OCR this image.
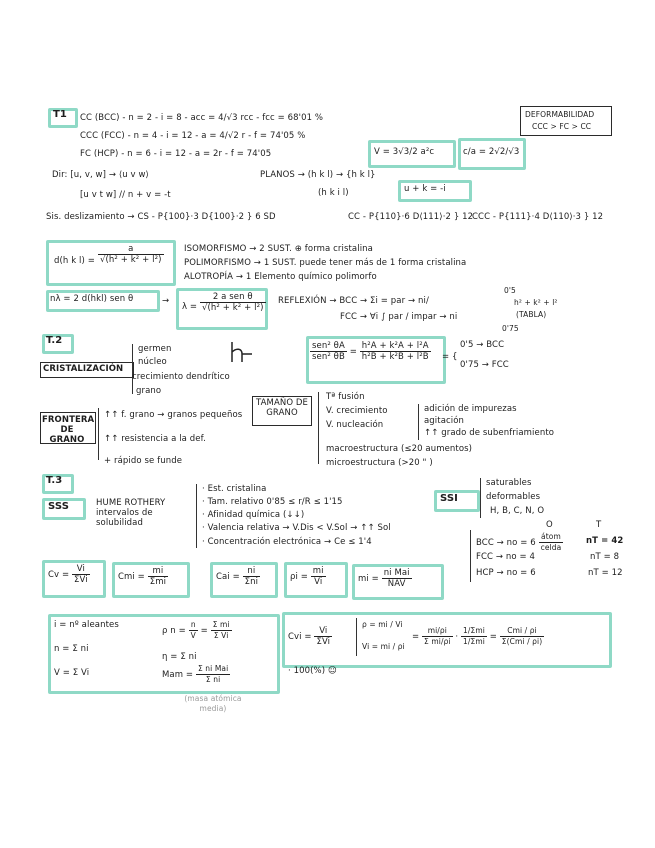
T1 CC (BCC) - n = 2 - i = 8 - acc = 4/√3 rcc - fcc = 68'01 %
CCC (FCC) - n = 4 - i = 12 - a = 4/√2 r - f = 74'05 %
FC (HCP) - n = 6 - i = 12 - a = 2r - f = 74'05	V = 3√3/2 a²c	c/a = 2√2/√3
DEFORMABILIDAD
CCC > FC > CC
Dir: [u, v, w] → ⟨u v w⟩	PLANOS → (h k l) → {h k l}
[u v t w] // n + v = -t	(h k i l)	u + k = -i
Sis. deslizamiento → CS - P{100}·3 D{100}·2 } 6 SD	CC - P{110}·6 D⟨111⟩·2 } 12
CCC - P{111}·4 D⟨110⟩·3 } 12
d(h k $l) = \frac{a}{\text{√(h² + k² + l²)}}$ ISOMORFISMO → 2 SUST. ⊕ forma cristalina
POLIMORFISMO → 1 SUST. puede tener más de 1 forma cristalina
ALOTROPÍA → 1 Elemento químico polimorfo
nλ = 2 d(hkl) sen θ	→
$\lambda = \frac{\text{2 a sen θ}}{\text{√(h² + k² + l²)}}$ REFLEXIÓN → BCC → Σi = par → ni/
FCC → ∀i ∫ par / impar → ni
0'5
h² + k² + l²
(TABLA)
0'75
T.2
CRISTALIZACIÓN
germen
núcleo
crecimiento dendrítico
grano
$\frac{\text{sen² θA}}{\text{sen² θB}} = \frac{\text{h²A + k²A + l²A}}{\text{h²B + k²B + l²B}}$ = {
0'5 → BCC
0'75 → FCC
TAMAÑO DE GRANO
Tª fusión
V. crecimiento
V. nucleación
adición de impurezas
agitación
↑↑ grado de subenfriamiento
macroestructura (≤20 aumentos)
microestructura (>20 " )
FRONTERA DE GRANO
↑↑ f. grano → granos pequeños
↑↑ resistencia a la def.
+ rápido se funde
T.3
SSS	HUME ROTHERY intervalos de solubilidad
· Est. cristalina
· Tam. relativo 0'85 ≤ r/R ≤ 1'15
· Afinidad química (↓↓)
· Valencia relativa → V.Dis < V.Sol → ↑↑ Sol
· Concentración electrónica → Ce ≤ 1'4
SSI
saturables
deformables
H, B, C, N, O
O	T
BCC → no = $6 \frac{\text{átom}}{\text{celda}}$	nT = 42
FCC → no = 4	nT = 8
HCP → no = 6	nT = 12
$Cv = \frac{Vi}{\text{ΣVi}}$	Cmi = $\frac{mi}{\text{Σmi}}$	Cai = $\frac{ni}{\text{Σni}}$	$\rho i = \frac{mi}{Vi}$	mi = $\frac{\text{ni Mai}}{\text{NAV}}$
i = nº aleantes
n = Σ ni
V = Σ Vi
ρ $n = \frac{n}{V} = \frac{\text{Σ mi}}{\text{Σ Vi}}$
η = Σ ni
Mam = $\frac{\text{Σ ni Mai}}{\text{Σ ni}}$
(masa atómica media)
Cvi = $\frac{Vi}{\text{ΣVi}}$
ρ = mi / Vi
Vi = mi / ρi
= $\frac{mi/\rho i}{\text{Σ mi/ρi}} \cdot \frac{\text{1/Σmi}}{\text{1/Σmi}} = \frac{\text{Cmi / ρi}}{\text{Σ(Cmi / ρi)}}$
· 100(%) ☺
